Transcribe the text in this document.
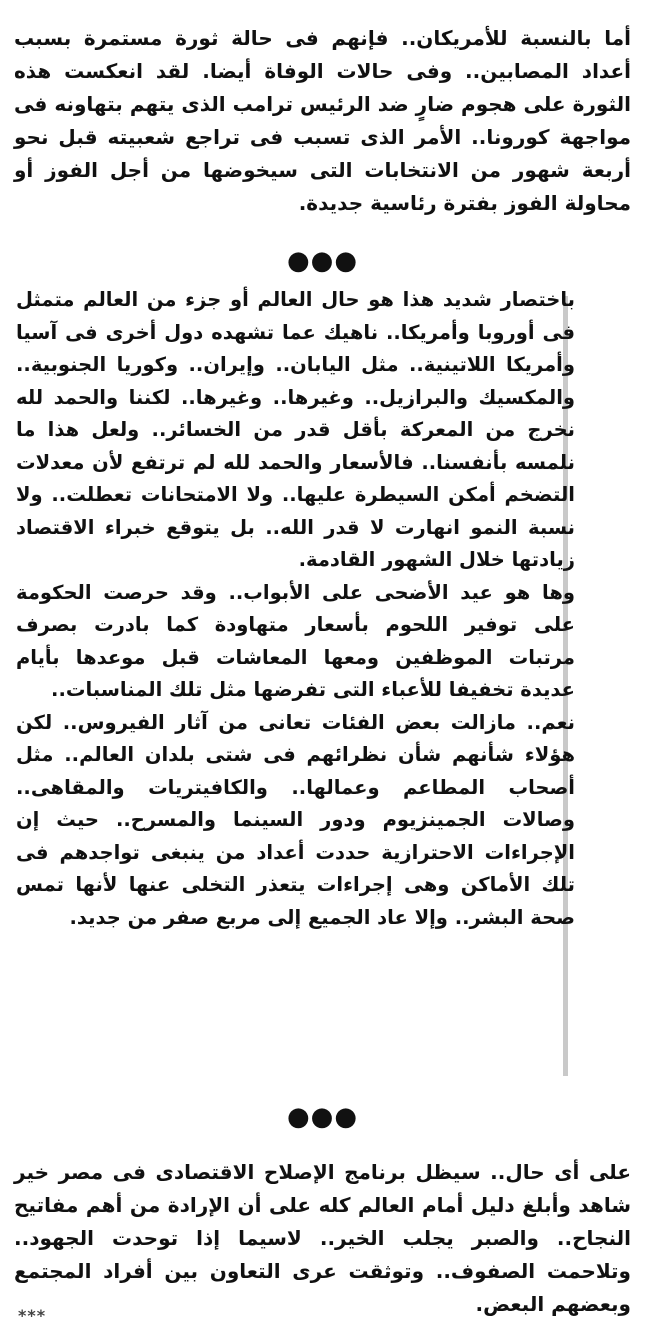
أما بالنسبة للأمريكان.. فإنهم فى حالة ثورة مستمرة بسبب أعداد المصابين.. وفى حالات الوفاة أيضا. لقد انعكست هذه الثورة على هجوم ضارٍ ضد الرئيس ترامب الذى يتهم بتهاونه فى مواجهة كورونا.. الأمر الذى تسبب فى تراجع شعبيته قبل نحو أربعة شهور من الانتخابات التى سيخوضها من أجل الفوز أو محاولة الفوز بفترة رئاسية جديدة.

●●●

باختصار شديد هذا هو حال العالم أو جزء من العالم متمثل فى أوروبا وأمريكا.. ناهيك عما تشهده دول أخرى فى آسيا وأمريكا اللاتينية.. مثل اليابان.. وإيران.. وكوريا الجنوبية.. والمكسيك والبرازيل.. وغيرها.. وغيرها.. لكننا والحمد لله نخرج من المعركة بأقل قدر من الخسائر.. ولعل هذا ما نلمسه بأنفسنا.. فالأسعار والحمد لله لم ترتفع لأن معدلات التضخم أمكن السيطرة عليها.. ولا الامتحانات تعطلت.. ولا نسبة النمو انهارت لا قدر الله.. بل يتوقع خبراء الاقتصاد زيادتها خلال الشهور القادمة.

وها هو عيد الأضحى على الأبواب.. وقد حرصت الحكومة على توفير اللحوم بأسعار متهاودة كما بادرت بصرف مرتبات الموظفين ومعها المعاشات قبل موعدها بأيام عديدة تخفيفا للأعباء التى تفرضها مثل تلك المناسبات..

نعم.. مازالت بعض الفئات تعانى من آثار الفيروس.. لكن هؤلاء شأنهم شأن نظرائهم فى شتى بلدان العالم.. مثل أصحاب المطاعم وعمالها.. والكافيتريات والمقاهى.. وصالات الجمينزيوم ودور السينما والمسرح.. حيث إن الإجراءات الاحترازية حددت أعداد من ينبغى تواجدهم فى تلك الأماكن وهى إجراءات يتعذر التخلى عنها لأنها تمس صحة البشر.. وإلا عاد الجميع إلى مربع صفر من جديد.

●●●

على أى حال.. سيظل برنامج الإصلاح الاقتصادى فى مصر خير شاهد وأبلغ دليل أمام العالم كله على أن الإرادة من أهم مفاتيح النجاح.. والصبر يجلب الخير.. لاسيما إذا توحدت الجهود.. وتلاحمت الصفوف.. وتوثقت عرى التعاون بين أفراد المجتمع وبعضهم البعض.

***
